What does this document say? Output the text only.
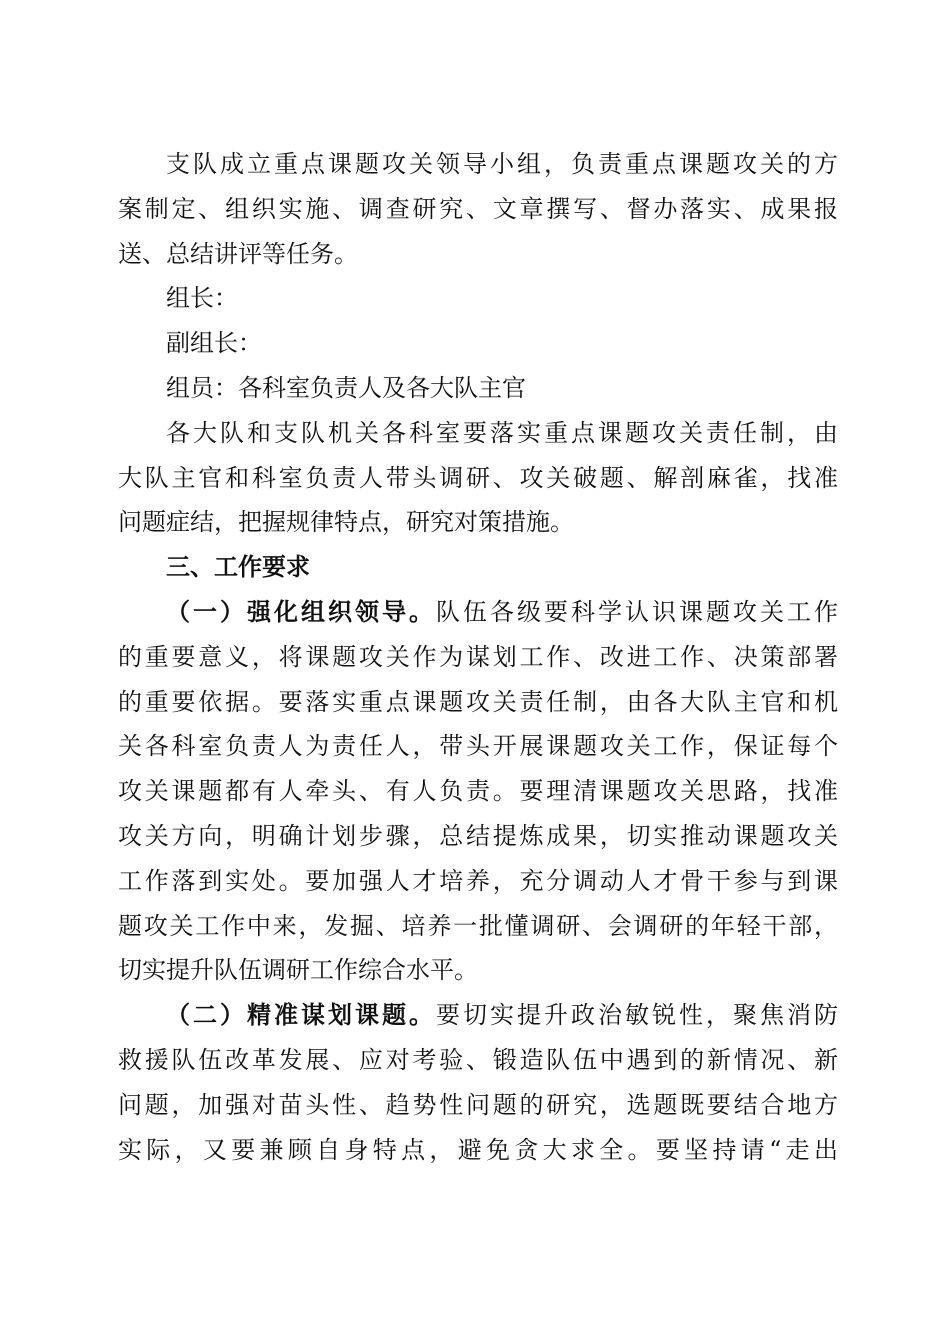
支队成立重点课题攻关领导小组，负责重点课题攻关的方
案制定、组织实施、调查研究、文章撰写、督办落实、成果报
送、总结讲评等任务。
组长：
副组长：
组员：各科室负责人及各大队主官
各大队和支队机关各科室要落实重点课题攻关责任制，由
大队主官和科室负责人带头调研、攻关破题、解剖麻雀，找准
问题症结，把握规律特点，研究对策措施。
三、工作要求
（一）强化组织领导。队伍各级要科学认识课题攻关工作
的重要意义，将课题攻关作为谋划工作、改进工作、决策部署
的重要依据。要落实重点课题攻关责任制，由各大队主官和机
关各科室负责人为责任人，带头开展课题攻关工作，保证每个
攻关课题都有人牵头、有人负责。要理清课题攻关思路，找准
攻关方向，明确计划步骤，总结提炼成果，切实推动课题攻关
工作落到实处。要加强人才培养，充分调动人才骨干参与到课
题攻关工作中来，发掘、培养一批懂调研、会调研的年轻干部，
切实提升队伍调研工作综合水平。
（二）精准谋划课题。要切实提升政治敏锐性，聚焦消防
救援队伍改革发展、应对考验、锻造队伍中遇到的新情况、新
问题，加强对苗头性、趋势性问题的研究，选题既要结合地方
实际，又要兼顾自身特点，避免贪大求全。要坚持请“走出
